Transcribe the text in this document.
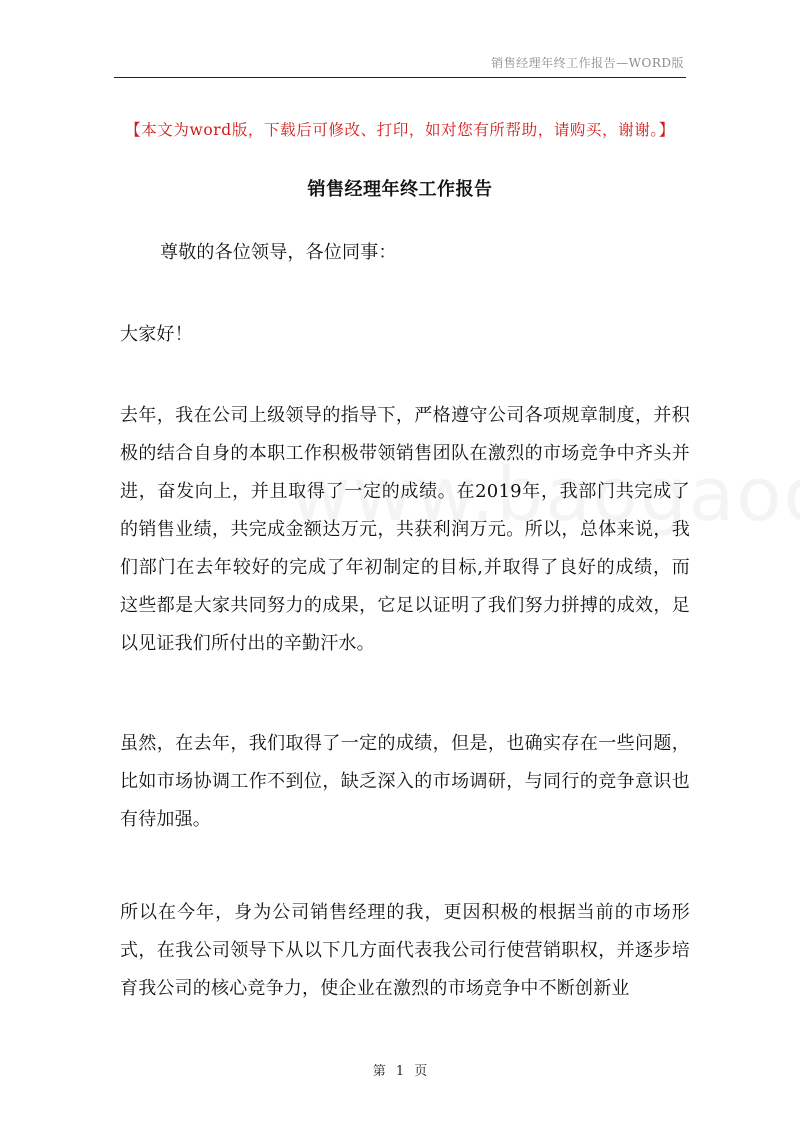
销售经理年终工作报告—WORD版
【本文为word版，下载后可修改、打印，如对您有所帮助，请购买，谢谢。】
销售经理年终工作报告

尊敬的各位领导，各位同事：

大家好！

去年，我在公司上级领导的指导下，严格遵守公司各项规章制度，并积极的结合自身的本职工作积极带领销售团队在激烈的市场竞争中齐头并进，奋发向上，并且取得了一定的成绩。在2019年，我部门共完成了的销售业绩，共完成金额达万元，共获利润万元。所以，总体来说，我们部门在去年较好的完成了年初制定的目标,并取得了良好的成绩，而这些都是大家共同努力的成果，它足以证明了我们努力拼搏的成效，足以见证我们所付出的辛勤汗水。

虽然，在去年，我们取得了一定的成绩，但是，也确实存在一些问题，比如市场协调工作不到位，缺乏深入的市场调研，与同行的竞争意识也有待加强。

所以在今年，身为公司销售经理的我，更因积极的根据当前的市场形式，在我公司领导下从以下几方面代表我公司行使营销职权，并逐步培育我公司的核心竞争力，使企业在激烈的市场竞争中不断创新业

第 1 页
